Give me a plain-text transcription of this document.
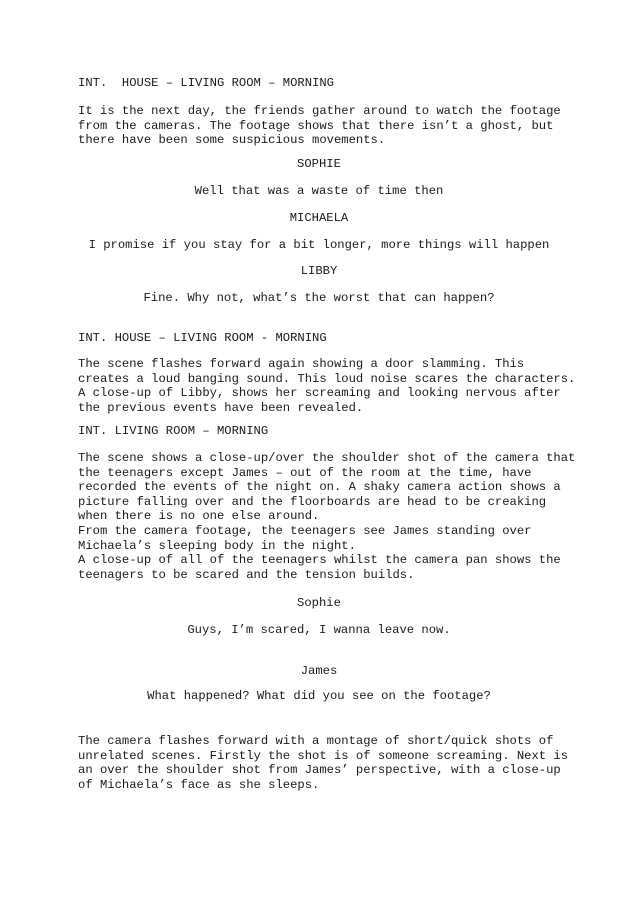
INT.  HOUSE – LIVING ROOM – MORNING
It is the next day, the friends gather around to watch the footage
from the cameras. The footage shows that there isn’t a ghost, but
there have been some suspicious movements.
SOPHIE
Well that was a waste of time then
MICHAELA
I promise if you stay for a bit longer, more things will happen
LIBBY
Fine. Why not, what’s the worst that can happen?
INT. HOUSE – LIVING ROOM - MORNING
The scene flashes forward again showing a door slamming. This
creates a loud banging sound. This loud noise scares the characters.
A close-up of Libby, shows her screaming and looking nervous after
the previous events have been revealed.
INT. LIVING ROOM – MORNING
The scene shows a close-up/over the shoulder shot of the camera that
the teenagers except James – out of the room at the time, have
recorded the events of the night on. A shaky camera action shows a
picture falling over and the floorboards are head to be creaking
when there is no one else around.
From the camera footage, the teenagers see James standing over
Michaela’s sleeping body in the night.
A close-up of all of the teenagers whilst the camera pan shows the
teenagers to be scared and the tension builds.
Sophie
Guys, I’m scared, I wanna leave now.
James
What happened? What did you see on the footage?
The camera flashes forward with a montage of short/quick shots of
unrelated scenes. Firstly the shot is of someone screaming. Next is
an over the shoulder shot from James’ perspective, with a close-up
of Michaela’s face as she sleeps.
